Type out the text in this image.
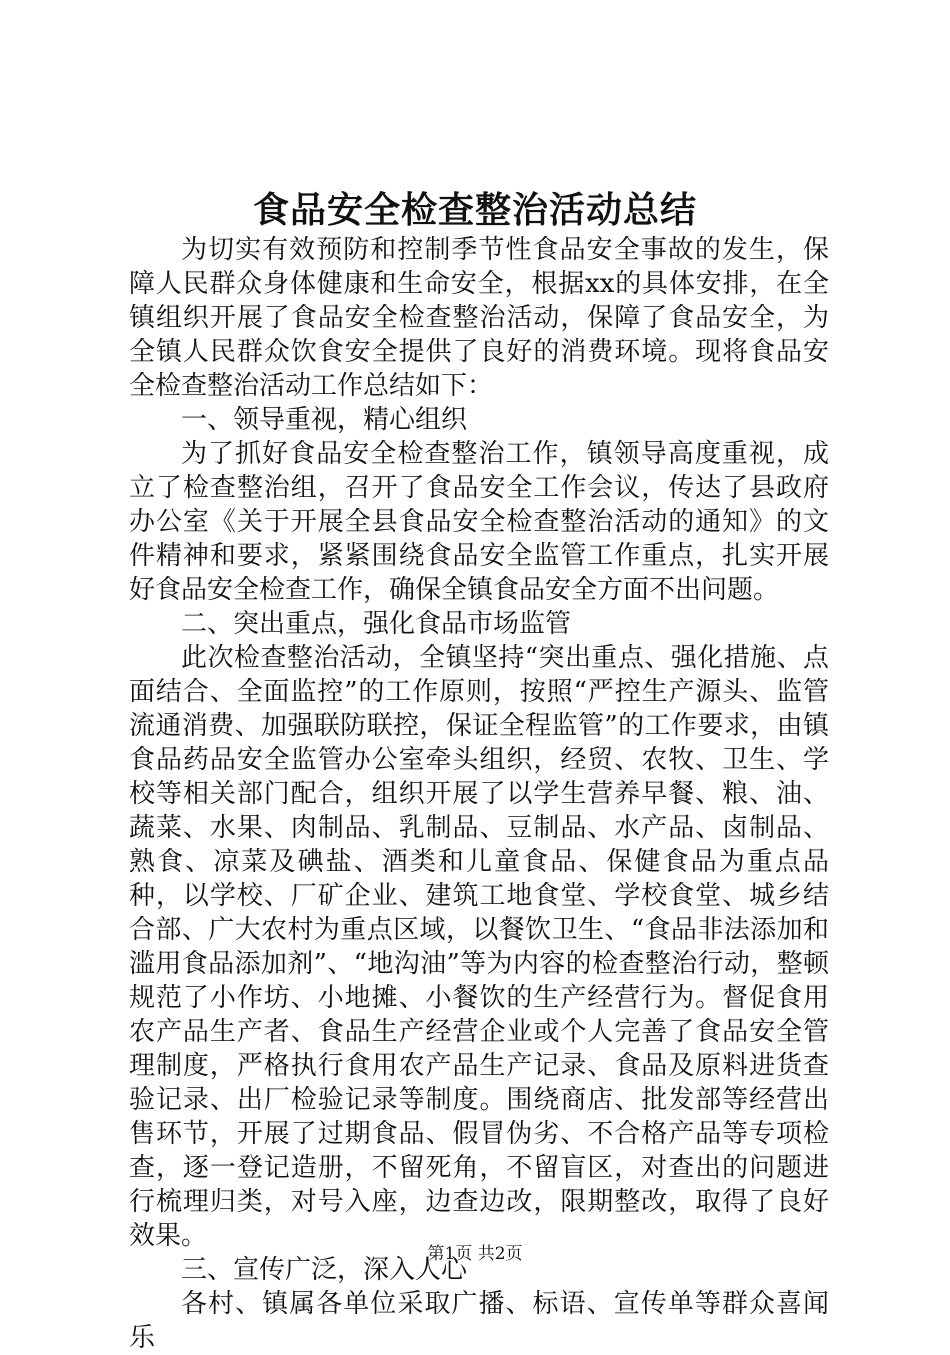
食品安全检查整治活动总结

为切实有效预防和控制季节性食品安全事故的发生，保障人民群众身体健康和生命安全，根据xx的具体安排，在全镇组织开展了食品安全检查整治活动，保障了食品安全，为全镇人民群众饮食安全提供了良好的消费环境。现将食品安全检查整治活动工作总结如下：

一、领导重视，精心组织

为了抓好食品安全检查整治工作，镇领导高度重视，成立了检查整治组，召开了食品安全工作会议，传达了县政府办公室《关于开展全县食品安全检查整治活动的通知》的文件精神和要求，紧紧围绕食品安全监管工作重点，扎实开展好食品安全检查工作，确保全镇食品安全方面不出问题。

二、突出重点，强化食品市场监管

此次检查整治活动，全镇坚持“突出重点、强化措施、点面结合、全面监控”的工作原则，按照“严控生产源头、监管流通消费、加强联防联控，保证全程监管”的工作要求，由镇食品药品安全监管办公室牵头组织，经贸、农牧、卫生、学校等相关部门配合，组织开展了以学生营养早餐、粮、油、蔬菜、水果、肉制品、乳制品、豆制品、水产品、卤制品、熟食、凉菜及碘盐、酒类和儿童食品、保健食品为重点品种，以学校、厂矿企业、建筑工地食堂、学校食堂、城乡结合部、广大农村为重点区域，以餐饮卫生、“食品非法添加和滥用食品添加剂”、“地沟油”等为内容的检查整治行动，整顿规范了小作坊、小地摊、小餐饮的生产经营行为。督促食用农产品生产者、食品生产经营企业或个人完善了食品安全管理制度，严格执行食用农产品生产记录、食品及原料进货查验记录、出厂检验记录等制度。围绕商店、批发部等经营出售环节，开展了过期食品、假冒伪劣、不合格产品等专项检查，逐一登记造册，不留死角，不留盲区，对查出的问题进行梳理归类，对号入座，边查边改，限期整改，取得了良好效果。

三、宣传广泛，深入人心

各村、镇属各单位采取广播、标语、宣传单等群众喜闻乐

第1页 共2页
